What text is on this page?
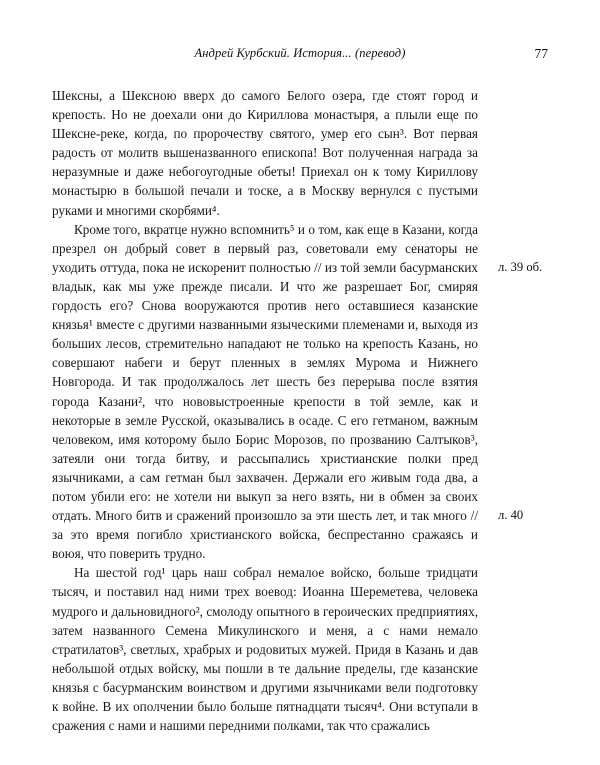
Андрей Курбский. История... (перевод)	77

Шексны, а Шексною вверх до самого Белого озера, где стоят город и крепость. Но не доехали они до Кириллова монастыря, а плыли еще по Шексне-реке, когда, по пророчеству святого, умер его сын³. Вот первая радость от молитв вышеназванного епископа! Вот полученная награда за неразумные и даже небогоугодные обеты! Приехал он к тому Кириллову монастырю в большой печали и тоске, а в Москву вернулся с пустыми руками и многими скорбями⁴.

Кроме того, вкратце нужно вспомнить⁵ и о том, как еще в Казани, когда презрел он добрый совет в первый раз, советовали ему сенаторы не уходить оттуда, пока не искоренит полностью // из той земли басурманских владык, как мы уже прежде писали. И что же разрешает Бог, смиряя гордость его? Снова вооружаются против него оставшиеся казанские князья¹ вместе с другими названными языческими племенами и, выходя из больших лесов, стремительно нападают не только на крепость Казань, но совершают набеги и берут пленных в землях Мурома и Нижнего Новгорода. И так продолжалось лет шесть без перерыва после взятия города Казани², что нововыстроенные крепости в той земле, как и некоторые в земле Русской, оказывались в осаде. С его гетманом, важным человеком, имя которому было Борис Морозов, по прозванию Салтыков³, затеяли они тогда битву, и рассыпались христианские полки пред язычниками, а сам гетман был захвачен. Держали его живым года два, а потом убили его: не хотели ни выкуп за него взять, ни в обмен за своих отдать. Много битв и сражений произошло за эти шесть лет, и так много // за это время погибло христианского войска, беспрестанно сражаясь и воюя, что поверить трудно.

На шестой год¹ царь наш собрал немалое войско, больше тридцати тысяч, и поставил над ними трех воевод: Иоанна Шереметева, человека мудрого и дальновидного², смолоду опытного в героических предприятиях, затем названного Семена Микулинского и меня, а с нами немало стратилатов³, светлых, храбрых и родовитых мужей. Придя в Казань и дав небольшой отдых войску, мы пошли в те дальние пределы, где казанские князья с басурманским воинством и другими язычниками вели подготовку к войне. В их ополчении было больше пятнадцати тысяч⁴. Они вступали в сражения с нами и нашими передними полками, так что сражались

л. 39 об.
л. 40
